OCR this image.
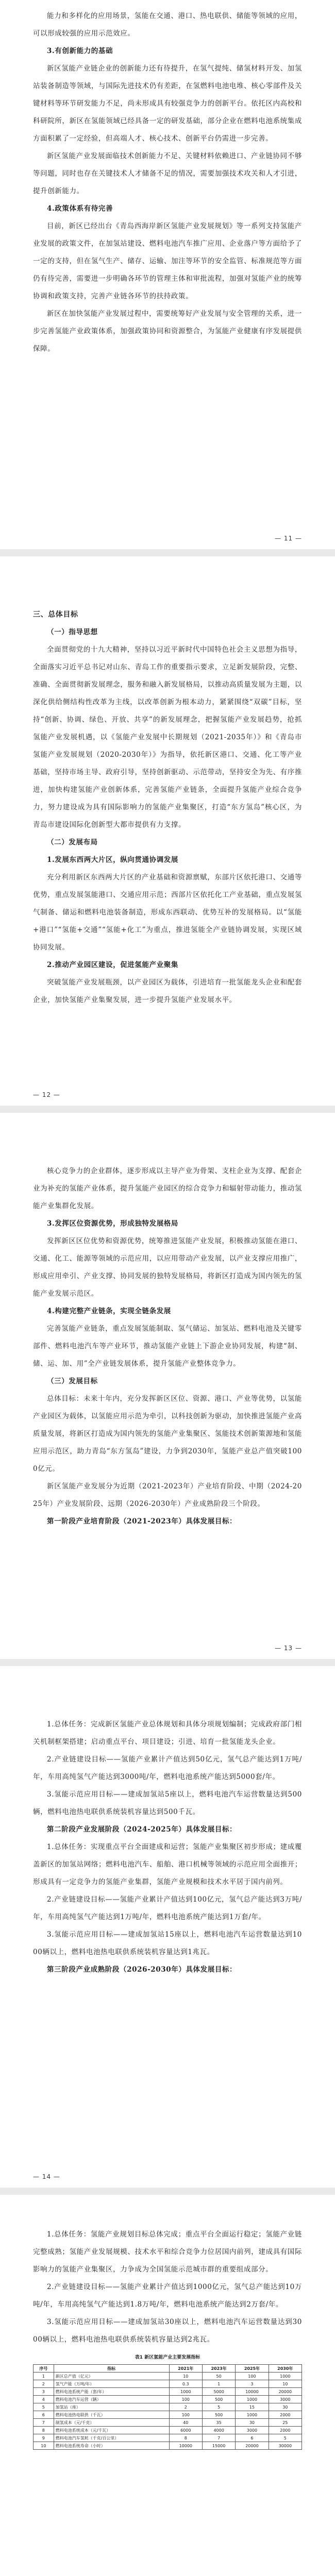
能力和多样化的应用场景，氢能在交通、港口、热电联供、储能等领域的应用，可以形成较强的应用示范效应。
3.有创新能力的基础
新区氢能产业链企业的创新能力还有待提升，在氢气提纯、储氢材料开发、加氢站装备制造等领域，与国际先进技术仍有差距，在氢燃料电池电堆、核心零部件及关键材料等环节研发能力不足，尚未形成具有较强竞争力的创新平台。依托区内高校和科研院所，新区在氢能领域已经具备一定的研发基础，部分企业在燃料电池系统集成方面积累了一定经验，但高端人才、核心技术、创新平台仍需进一步完善。
新区氢能产业发展面临技术创新能力不足、关键材料依赖进口、产业链协同不够等问题，同时也存在关键技术人才储备不足的情况，需要加强技术攻关和人才引进，提升创新能力。
4.政策体系有待完善
目前，新区已经出台《青岛西海岸新区氢能产业发展规划》等一系列支持氢能产业发展的政策文件，在加氢站建设、燃料电池汽车推广应用、企业落户等方面给予了一定的支持，但在氢气生产、储存、运输、加注等环节的安全监管、标准规范等方面仍有待完善，需要进一步明确各环节的管理主体和审批流程，加强对氢能产业的统筹协调和政策支持，完善产业链各环节的扶持政策。
新区在加快氢能产业发展过程中，需要统筹好产业发展与安全管理的关系，进一步完善氢能产业政策体系，加强政策协同和资源整合，为氢能产业健康有序发展提供保障。
— 11 —
三、总体目标
（一）指导思想
全面贯彻党的十九大精神，坚持以习近平新时代中国特色社会主义思想为指导，全面落实习近平总书记对山东、青岛工作的重要指示要求，立足新发展阶段，完整、准确、全面贯彻新发展理念，服务和融入新发展格局，以推动高质量发展为主题，以深化供给侧结构性改革为主线，以改革创新为根本动力，紧紧围绕“双碳”目标，坚持“创新、协调、绿色、开放、共享”的新发展理念，把握氢能产业发展趋势，抢抓氢能产业发展机遇，以《氢能产业发展中长期规划（2021-2035年）》和《青岛市氢能产业发展规划（2020-2030年）》为指导，依托新区港口、交通、化工等产业基础，坚持市场主导、政府引导，坚持创新驱动、示范带动，坚持安全为先、有序推进，加快构建氢能产业创新体系，完善氢能产业链条，全面提升氢能产业综合竞争力，努力建设成为具有国际影响力的氢能产业集聚区，打造“东方氢岛”核心区，为青岛市建设国际化创新型大都市提供有力支撑。
（二）发展布局
1.发展东西两大片区，纵向贯通协调发展
充分利用新区东西两大片区的产业基础和资源禀赋，东部片区依托港口、交通等优势，重点发展氢能港口、交通应用示范；西部片区依托化工产业基础，重点发展氢气制备、储运和燃料电池装备制造，形成东西联动、优势互补的发展格局。以“氢能+港口”“氢能+交通”“氢能+化工”为重点，推进氢能全产业链协调发展，实现区域协同发展。
2.推动产业园区建设，促进氢能产业聚集
突破氢能产业发展瓶颈，以产业园区为载体，引进培育一批氢能龙头企业和配套企业，加快氢能产业集聚发展，进一步提升氢能产业发展水平。
— 12 —
核心竞争力的企业群体，逐步形成以主导产业为骨架、支柱企业为支撑、配套企业为补充的氢能产业体系，提升氢能产业园区的综合竞争力和辐射带动能力，推动氢能产业集群化发展。
3.发挥区位资源优势，形成独特发展格局
发挥新区区位优势和资源优势，统筹推进氢能产业发展，积极推动氢能在港口、交通、化工、能源等领域的示范应用，以应用带动产业发展，以产业支撑应用推广，形成应用牵引、产业支撑、协同发展的独特发展格局，将新区打造成为国内领先的氢能产业发展示范区。
4.构建完整产业链条，实现全链条发展
完善氢能产业链条，重点发展氢能制取、氢气储运、加氢站、燃料电池及关键零部件、燃料电池汽车等产业环节，推动氢能产业链上下游企业协同发展，构建“制、储、运、加、用”全产业链发展体系，提升氢能产业整体竞争力。
（三）发展目标
总体目标：未来十年内，充分发挥新区区位、资源、港口、产业等优势，以氢能产业园区为载体，以氢能应用示范为牵引，以科技创新为驱动，加快推进氢能产业高质量发展，将新区打造成为国内领先的氢能产业集聚区、氢能技术创新策源地和氢能应用示范区，助力青岛“东方氢岛”建设，力争到2030年，氢能产业总产值突破1000亿元。
新区氢能产业发展分为近期（2021-2023年）产业培育阶段、中期（2024-2025年）产业发展阶段、远期（2026-2030年）产业成熟阶段三个阶段。
第一阶段产业培育阶段（2021-2023年）具体发展目标：
— 13 —
1.总体任务：完成新区氢能产业总体规划和具体分项规划编制；完成政府部门相关机制框架搭建；启动重点平台、项目建设；引进、培育一批氢能龙头企业。
2.产业链建设目标——氢能产业累计产值达到50亿元，氢气总产能达到1万吨/年，车用高纯氢气产能达到3000吨/年，燃料电池系统产能达到5000套/年。
3.氢能示范应用目标——建成加氢站5座以上，燃料电池汽车运营数量达到500辆，燃料电池热电联供系统装机容量达到500千瓦。
第二阶段产业发展阶段（2024-2025年）具体发展目标：
1.总体任务：实现重点平台全面建成和运营；氢能产业集聚区初步形成；建成覆盖新区的加氢站网络；燃料电池汽车、船舶、港口机械等领域的示范应用全面推开；形成具有一定竞争力的氢能产业集群，氢能产业规模和技术水平居于国内前列。
2.产业链建设目标——氢能产业累计产值达到100亿元，氢气总产能达到3万吨/年，车用高纯氢气产能达到1万吨/年，燃料电池系统产能达到1万套/年。
3.氢能示范应用目标——建成加氢站15座以上，燃料电池汽车运营数量达到1000辆以上，燃料电池热电联供系统装机容量达到1兆瓦。
第三阶段产业成熟阶段（2026-2030年）具体发展目标：
— 14 —
1.总体任务：氢能产业规划目标总体完成；重点平台全面运行稳定；氢能产业链完整成熟；氢能产业发展规模、技术水平和综合竞争力位居国内前列，建成具有国际影响力的氢能产业集聚区，力争成为全国氢能示范城市群的重要组成部分。
2.产业链建设目标——氢能产业累计产值达到1000亿元，氢气总产能达到10万吨/年，车用高纯氢气产能达到1.8万吨/年，燃料电池系统产能达到2万套/年。
3.氢能示范应用目标——建成加氢站30座以上，燃料电池汽车运营数量达到3000辆以上，燃料电池热电联供系统装机容量达到2兆瓦。
表1 新区氢能产业主要发展指标
序号	指标	2021年	2023年	2025年	2030年
1	新区总产值（亿元）	10	50	100	1000
2	氢气产能（万吨/年）	0.3	1	3	10
3	燃料电池系统产能（套/年）	1000	5000	10000	20000
4	燃料电池汽车运营（辆）	100	500	1000	3000
5	加氢站（座）	2	5	15	30
6	燃料电池热电联供（千瓦）	100	500	1000	2000
7	制氢成本（元/千克）	40	35	30	25
8	燃料电池系统成本（元/千瓦）	6000	4000	3000	2000
9	燃料电池汽车氢耗（千克/百公里）	8	7	6	5
10	燃料电池系统寿命（小时）	10000	15000	20000	30000
